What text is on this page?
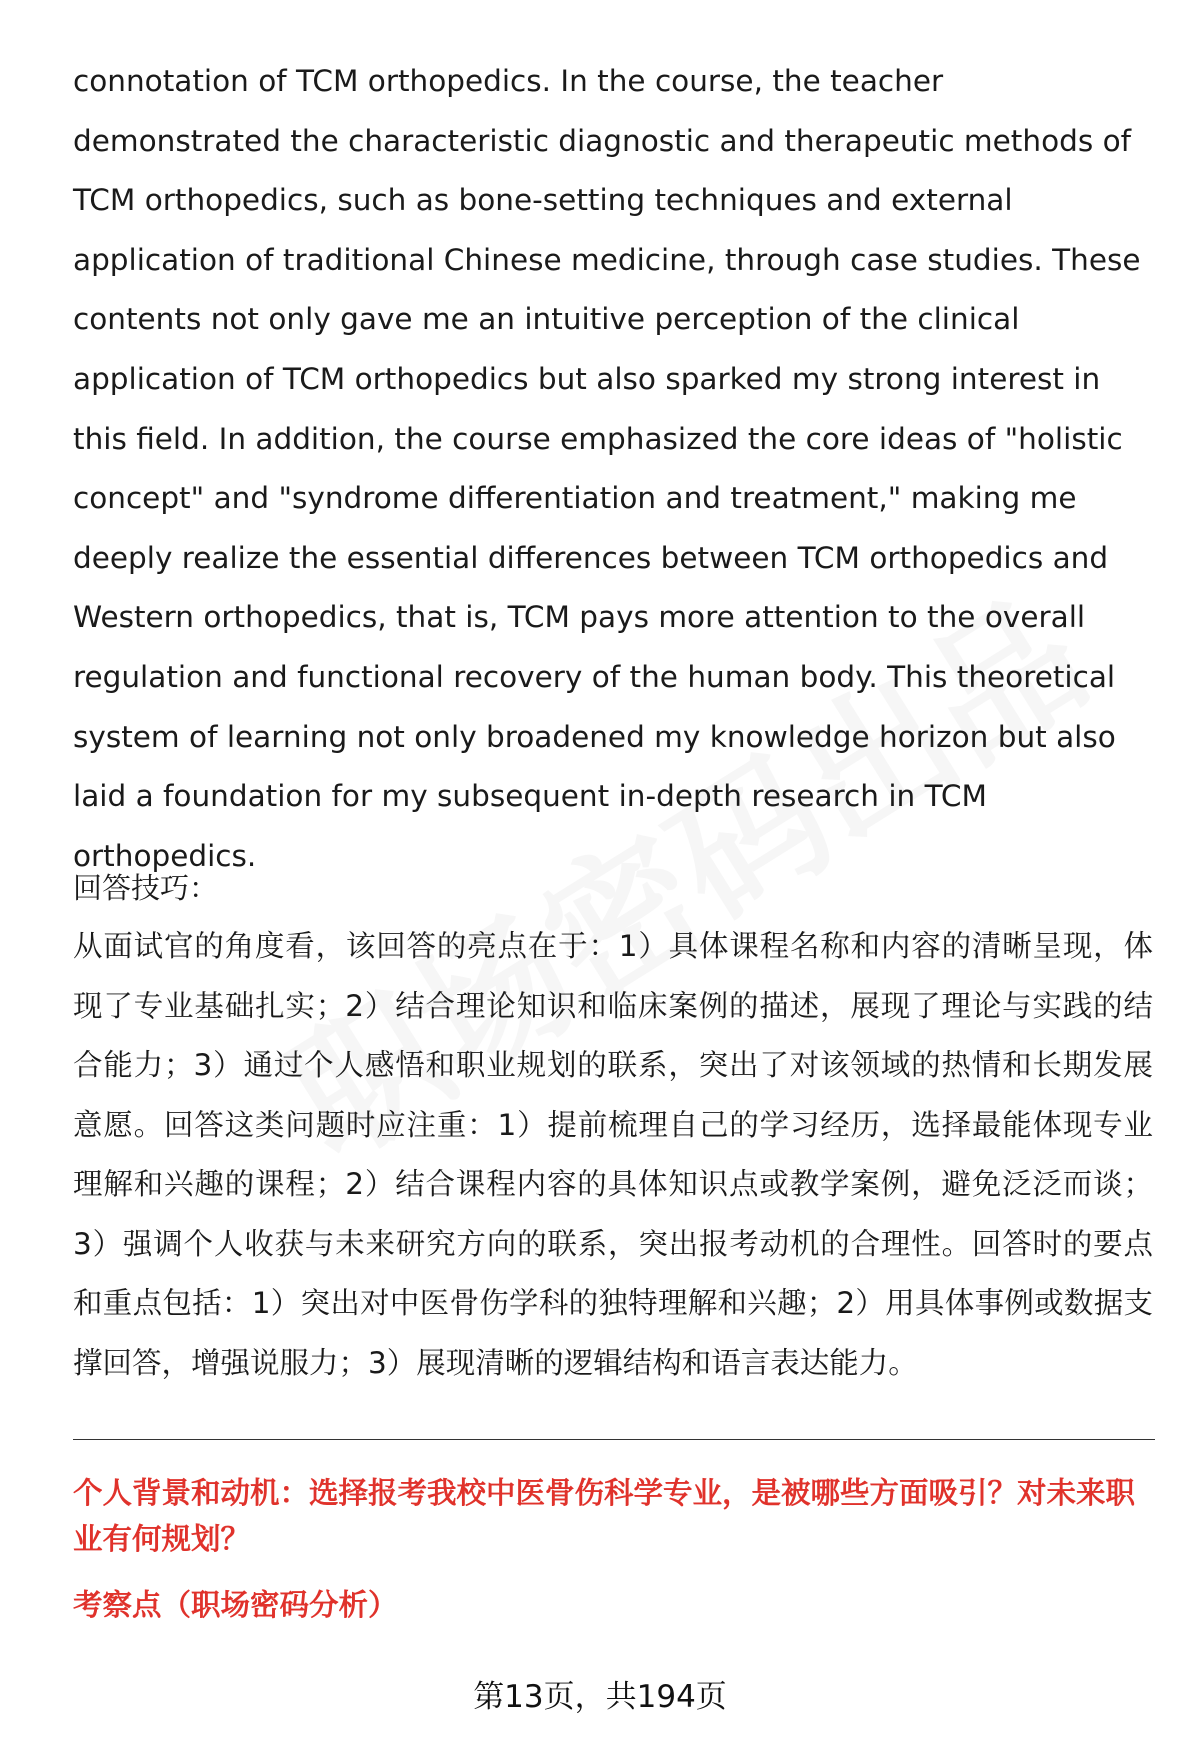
connotation of TCM orthopedics. In the course, the teacher demonstrated the characteristic diagnostic and therapeutic methods of TCM orthopedics, such as bone-setting techniques and external application of traditional Chinese medicine, through case studies. These contents not only gave me an intuitive perception of the clinical application of TCM orthopedics but also sparked my strong interest in this field. In addition, the course emphasized the core ideas of "holistic concept" and "syndrome differentiation and treatment," making me deeply realize the essential differences between TCM orthopedics and Western orthopedics, that is, TCM pays more attention to the overall regulation and functional recovery of the human body. This theoretical system of learning not only broadened my knowledge horizon but also laid a foundation for my subsequent in-depth research in TCM orthopedics.

回答技巧：

从面试官的角度看，该回答的亮点在于：1）具体课程名称和内容的清晰呈现，体现了专业基础扎实；2）结合理论知识和临床案例的描述，展现了理论与实践的结合能力；3）通过个人感悟和职业规划的联系，突出了对该领域的热情和长期发展意愿。回答这类问题时应注重：1）提前梳理自己的学习经历，选择最能体现专业理解和兴趣的课程；2）结合课程内容的具体知识点或教学案例，避免泛泛而谈；3）强调个人收获与未来研究方向的联系，突出报考动机的合理性。回答时的要点和重点包括：1）突出对中医骨伤学科的独特理解和兴趣；2）用具体事例或数据支撑回答，增强说服力；3）展现清晰的逻辑结构和语言表达能力。

个人背景和动机：选择报考我校中医骨伤科学专业，是被哪些方面吸引？对未来职业有何规划？

考察点（职场密码分析）

第13页，共194页
